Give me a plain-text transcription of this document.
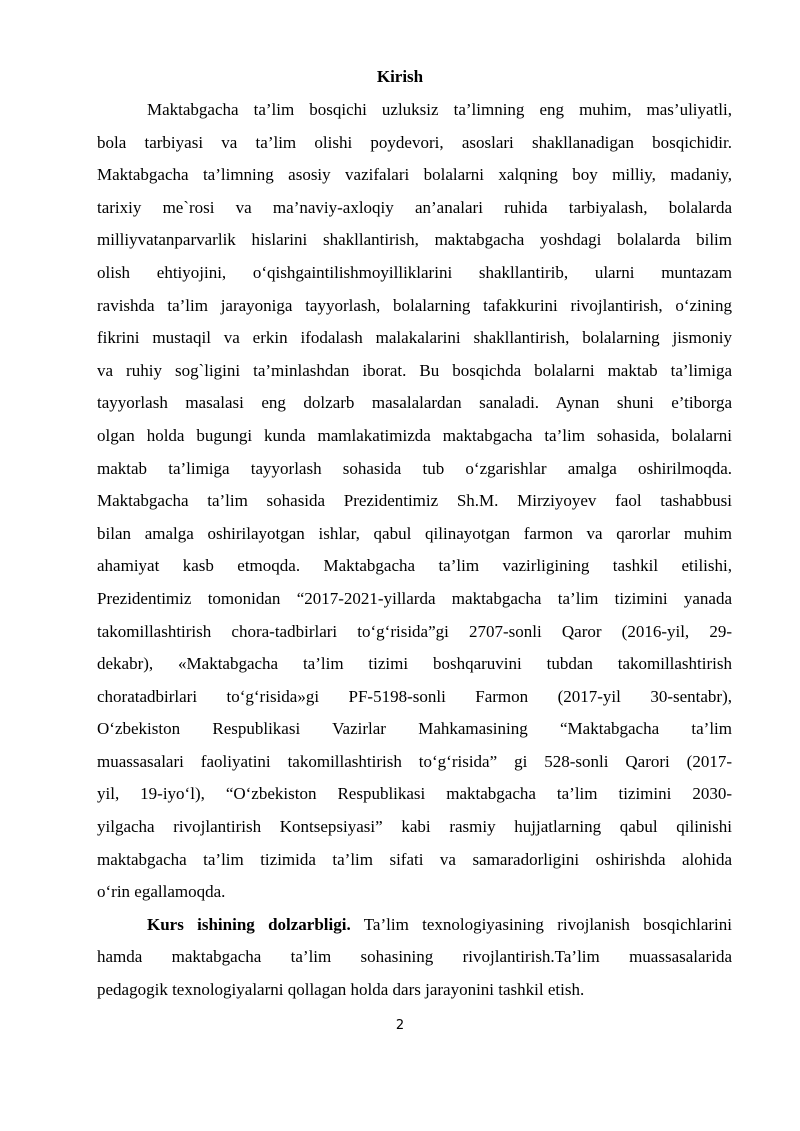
Kirish
Maktabgacha ta’lim bosqichi uzluksiz ta’limning eng muhim, mas’uliyatli,
bola tarbiyasi va ta’lim olishi poydevori, asoslari shakllanadigan bosqichidir.
Maktabgacha ta’limning asosiy vazifalari bolalarni xalqning boy milliy, madaniy,
tarixiy me`rosi va ma’naviy-axloqiy an’analari ruhida tarbiyalash, bolalarda
milliyvatanparvarlik hislarini shakllantirish, maktabgacha yoshdagi bolalarda bilim
olish ehtiyojini, o‘qishgaintilishmoyilliklarini shakllantirib, ularni muntazam
ravishda ta’lim jarayoniga tayyorlash, bolalarning tafakkurini rivojlantirish, o‘zining
fikrini mustaqil va erkin ifodalash malakalarini shakllantirish, bolalarning jismoniy
va ruhiy sog`ligini ta’minlashdan iborat. Bu bosqichda bolalarni maktab ta’limiga
tayyorlash masalasi eng dolzarb masalalardan sanaladi. Aynan shuni e’tiborga
olgan holda bugungi kunda mamlakatimizda maktabgacha ta’lim sohasida, bolalarni
maktab ta’limiga tayyorlash sohasida tub o‘zgarishlar amalga oshirilmoqda.
Maktabgacha ta’lim sohasida Prezidentimiz Sh.M. Mirziyoyev faol tashabbusi
bilan amalga oshirilayotgan ishlar, qabul qilinayotgan farmon va qarorlar muhim
ahamiyat kasb etmoqda. Maktabgacha ta’lim vazirligining tashkil etilishi,
Prezidentimiz tomonidan “2017-2021-yillarda maktabgacha ta’lim tizimini yanada
takomillashtirish chora-tadbirlari to‘g‘risida”gi 2707-sonli Qaror (2016-yil, 29-
dekabr), «Maktabgacha ta’lim tizimi boshqaruvini tubdan takomillashtirish
choratadbirlari to‘g‘risida»gi PF-5198-sonli Farmon (2017-yil 30-sentabr),
O‘zbekiston Respublikasi Vazirlar Mahkamasining “Maktabgacha ta’lim
muassasalari faoliyatini takomillashtirish to‘g‘risida” gi 528-sonli Qarori (2017-
yil, 19-iyo‘l), “O‘zbekiston Respublikasi maktabgacha ta’lim tizimini 2030-
yilgacha rivojlantirish Kontsepsiyasi” kabi rasmiy hujjatlarning qabul qilinishi
maktabgacha ta’lim tizimida ta’lim sifati va samaradorligini oshirishda alohida
o‘rin egallamoqda.
Kurs ishining dolzarbligi. Ta’lim texnologiyasining rivojlanish bosqichlarini
hamda maktabgacha ta’lim sohasining rivojlantirish.Ta’lim muassasalarida
pedagogik texnologiyalarni qollagan holda dars jarayonini tashkil etish.
2
